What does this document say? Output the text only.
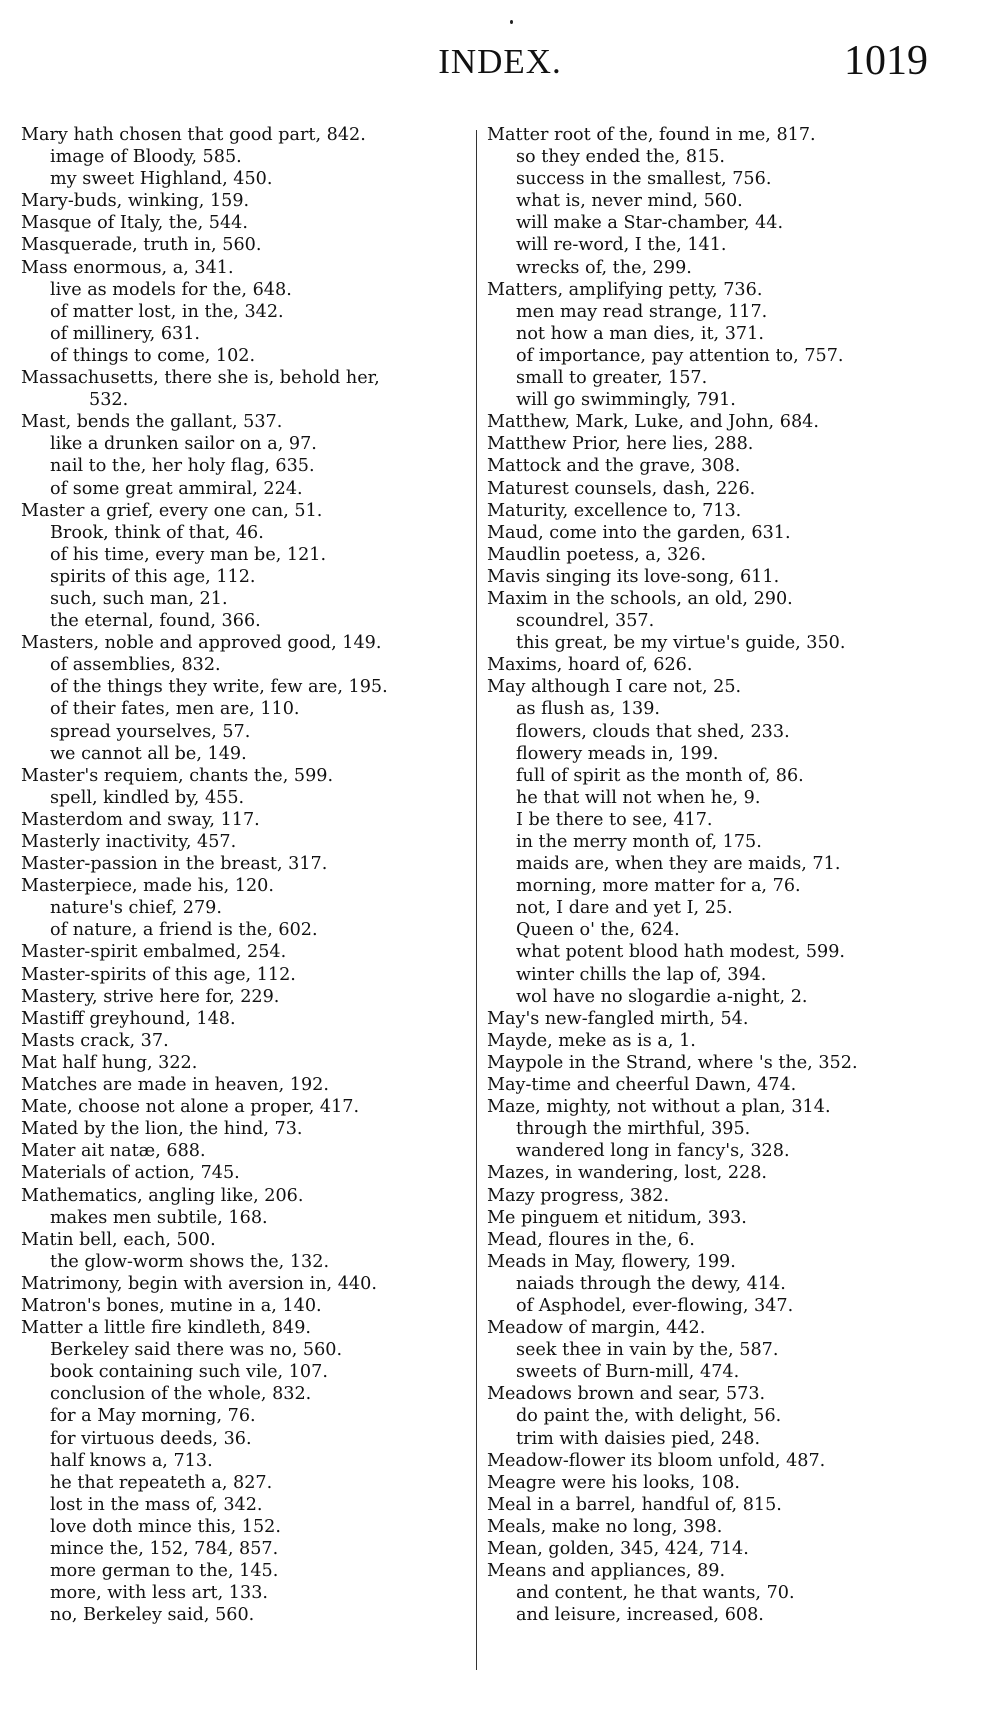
INDEX.	1019
Mary hath chosen that good part, 842.
image of Bloody, 585.
my sweet Highland, 450.
Mary-buds, winking, 159.
Masque of Italy, the, 544.
Masquerade, truth in, 560.
Mass enormous, a, 341.
live as models for the, 648.
of matter lost, in the, 342.
of millinery, 631.
of things to come, 102.
Massachusetts, there she is, behold her,
532.
Mast, bends the gallant, 537.
like a drunken sailor on a, 97.
nail to the, her holy flag, 635.
of some great ammiral, 224.
Master a grief, every one can, 51.
Brook, think of that, 46.
of his time, every man be, 121.
spirits of this age, 112.
such, such man, 21.
the eternal, found, 366.
Masters, noble and approved good, 149.
of assemblies, 832.
of the things they write, few are, 195.
of their fates, men are, 110.
spread yourselves, 57.
we cannot all be, 149.
Master's requiem, chants the, 599.
spell, kindled by, 455.
Masterdom and sway, 117.
Masterly inactivity, 457.
Master-passion in the breast, 317.
Masterpiece, made his, 120.
nature's chief, 279.
of nature, a friend is the, 602.
Master-spirit embalmed, 254.
Master-spirits of this age, 112.
Mastery, strive here for, 229.
Mastiff greyhound, 148.
Masts crack, 37.
Mat half hung, 322.
Matches are made in heaven, 192.
Mate, choose not alone a proper, 417.
Mated by the lion, the hind, 73.
Mater ait natæ, 688.
Materials of action, 745.
Mathematics, angling like, 206.
makes men subtile, 168.
Matin bell, each, 500.
the glow-worm shows the, 132.
Matrimony, begin with aversion in, 440.
Matron's bones, mutine in a, 140.
Matter a little fire kindleth, 849.
Berkeley said there was no, 560.
book containing such vile, 107.
conclusion of the whole, 832.
for a May morning, 76.
for virtuous deeds, 36.
half knows a, 713.
he that repeateth a, 827.
lost in the mass of, 342.
love doth mince this, 152.
mince the, 152, 784, 857.
more german to the, 145.
more, with less art, 133.
no, Berkeley said, 560.
Matter root of the, found in me, 817.
so they ended the, 815.
success in the smallest, 756.
what is, never mind, 560.
will make a Star-chamber, 44.
will re-word, I the, 141.
wrecks of, the, 299.
Matters, amplifying petty, 736.
men may read strange, 117.
not how a man dies, it, 371.
of importance, pay attention to, 757.
small to greater, 157.
will go swimmingly, 791.
Matthew, Mark, Luke, and John, 684.
Matthew Prior, here lies, 288.
Mattock and the grave, 308.
Maturest counsels, dash, 226.
Maturity, excellence to, 713.
Maud, come into the garden, 631.
Maudlin poetess, a, 326.
Mavis singing its love-song, 611.
Maxim in the schools, an old, 290.
scoundrel, 357.
this great, be my virtue's guide, 350.
Maxims, hoard of, 626.
May although I care not, 25.
as flush as, 139.
flowers, clouds that shed, 233.
flowery meads in, 199.
full of spirit as the month of, 86.
he that will not when he, 9.
I be there to see, 417.
in the merry month of, 175.
maids are, when they are maids, 71.
morning, more matter for a, 76.
not, I dare and yet I, 25.
Queen o' the, 624.
what potent blood hath modest, 599.
winter chills the lap of, 394.
wol have no slogardie a-night, 2.
May's new-fangled mirth, 54.
Mayde, meke as is a, 1.
Maypole in the Strand, where 's the, 352.
May-time and cheerful Dawn, 474.
Maze, mighty, not without a plan, 314.
through the mirthful, 395.
wandered long in fancy's, 328.
Mazes, in wandering, lost, 228.
Mazy progress, 382.
Me pinguem et nitidum, 393.
Mead, floures in the, 6.
Meads in May, flowery, 199.
naiads through the dewy, 414.
of Asphodel, ever-flowing, 347.
Meadow of margin, 442.
seek thee in vain by the, 587.
sweets of Burn-mill, 474.
Meadows brown and sear, 573.
do paint the, with delight, 56.
trim with daisies pied, 248.
Meadow-flower its bloom unfold, 487.
Meagre were his looks, 108.
Meal in a barrel, handful of, 815.
Meals, make no long, 398.
Mean, golden, 345, 424, 714.
Means and appliances, 89.
and content, he that wants, 70.
and leisure, increased, 608.
